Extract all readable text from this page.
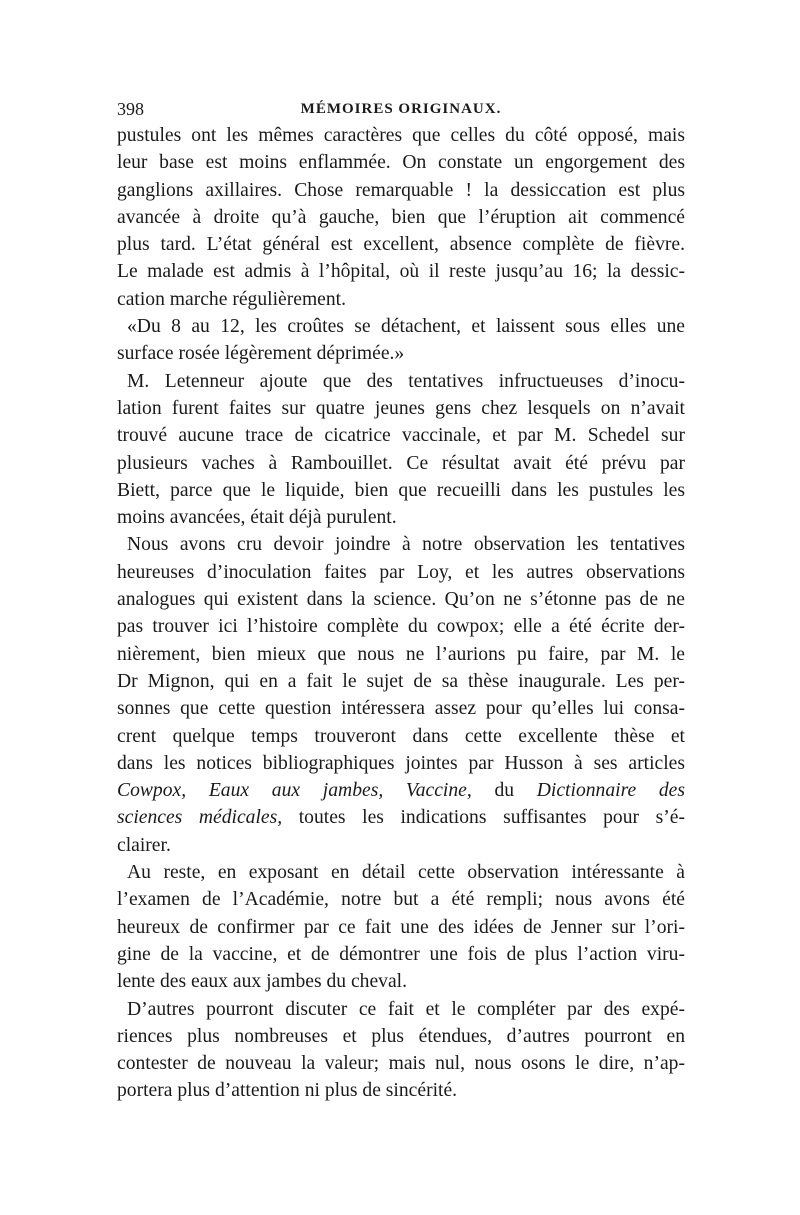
398	MÉMOIRES ORIGINAUX.
pustules ont les mêmes caractères que celles du côté opposé, mais
leur base est moins enflammée. On constate un engorgement des
ganglions axillaires. Chose remarquable ! la dessiccation est plus
avancée à droite qu’à gauche, bien que l’éruption ait commencé
plus tard. L’état général est excellent, absence complète de fièvre.
Le malade est admis à l’hôpital, où il reste jusqu’au 16; la dessic-
cation marche régulièrement.
«Du 8 au 12, les croûtes se détachent, et laissent sous elles une
surface rosée légèrement déprimée.»
M. Letenneur ajoute que des tentatives infructueuses d’inocu-
lation furent faites sur quatre jeunes gens chez lesquels on n’avait
trouvé aucune trace de cicatrice vaccinale, et par M. Schedel sur
plusieurs vaches à Rambouillet. Ce résultat avait été prévu par
Biett, parce que le liquide, bien que recueilli dans les pustules les
moins avancées, était déjà purulent.
Nous avons cru devoir joindre à notre observation les tentatives
heureuses d’inoculation faites par Loy, et les autres observations
analogues qui existent dans la science. Qu’on ne s’étonne pas de ne
pas trouver ici l’histoire complète du cowpox; elle a été écrite der-
nièrement, bien mieux que nous ne l’aurions pu faire, par M. le
Dr Mignon, qui en a fait le sujet de sa thèse inaugurale. Les per-
sonnes que cette question intéressera assez pour qu’elles lui consa-
crent quelque temps trouveront dans cette excellente thèse et
dans les notices bibliographiques jointes par Husson à ses articles
Cowpox, Eaux aux jambes, Vaccine, du Dictionnaire des
sciences médicales, toutes les indications suffisantes pour s’é-
clairer.
Au reste, en exposant en détail cette observation intéressante à
l’examen de l’Académie, notre but a été rempli; nous avons été
heureux de confirmer par ce fait une des idées de Jenner sur l’ori-
gine de la vaccine, et de démontrer une fois de plus l’action viru-
lente des eaux aux jambes du cheval.
D’autres pourront discuter ce fait et le compléter par des expé-
riences plus nombreuses et plus étendues, d’autres pourront en
contester de nouveau la valeur; mais nul, nous osons le dire, n’ap-
portera plus d’attention ni plus de sincérité.
